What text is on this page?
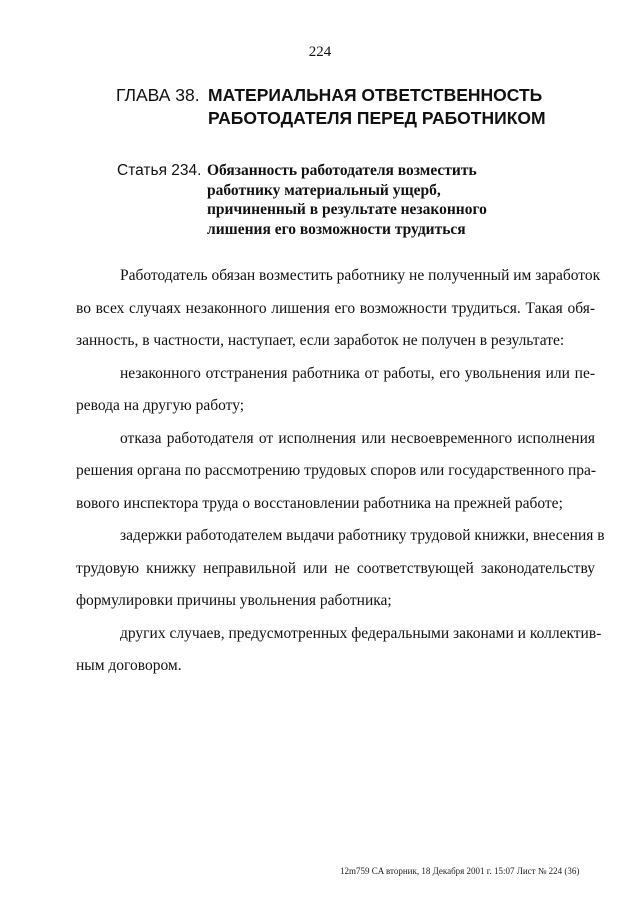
224
ГЛАВА 38. МАТЕРИАЛЬНАЯ ОТВЕТСТВЕННОСТЬ
РАБОТОДАТЕЛЯ ПЕРЕД РАБОТНИКОМ
Статья 234. Обязанность работодателя возместить
работнику материальный ущерб,
причиненный в результате незаконного
лишения его возможности трудиться
Работодатель обязан возместить работнику не полученный им заработок
во всех случаях незаконного лишения его возможности трудиться. Такая обя-
занность, в частности, наступает, если заработок не получен в результате:
незаконного отстранения работника от работы, его увольнения или пе-
ревода на другую работу;
отказа работодателя от исполнения или несвоевременного исполнения
решения органа по рассмотрению трудовых споров или государственного пра-
вового инспектора труда о восстановлении работника на прежней работе;
задержки работодателем выдачи работнику трудовой книжки, внесения в
трудовую книжку неправильной или не соответствующей законодательству
формулировки причины увольнения работника;
других случаев, предусмотренных федеральными законами и коллектив-
ным договором.
12m759 CA вторник, 18 Декабря 2001 г. 15:07 Лист № 224 (36)
